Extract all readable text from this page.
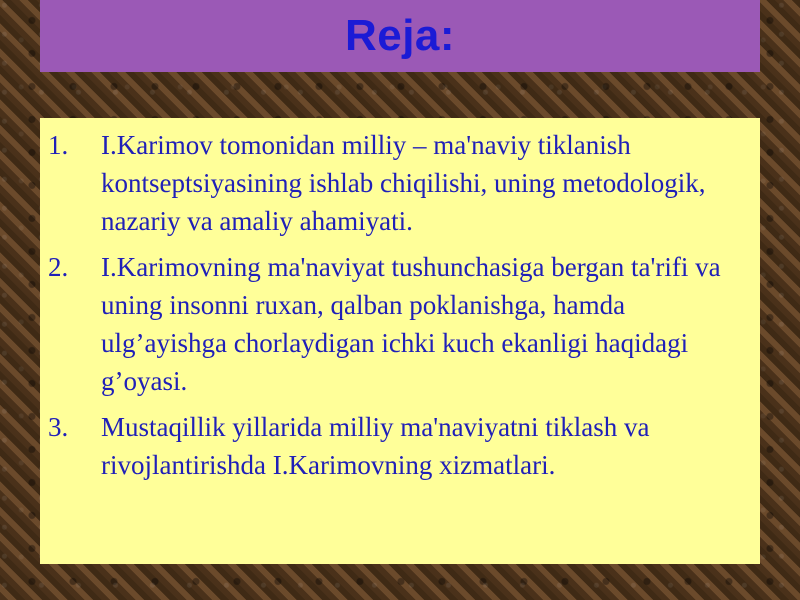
Reja:
1.	I.Karimov tomonidan milliy – ma'naviy tiklanish kontseptsiyasining ishlab chiqilishi, uning metodologik, nazariy va amaliy ahamiyati.
2.	I.Karimovning ma'naviyat tushunchasiga bergan ta'rifi va uning insonni ruxan, qalban poklanishga, hamda ulg’ayishga chorlaydigan ichki kuch ekanligi haqidagi g’oyasi.
3.	Mustaqillik yillarida milliy ma'naviyatni tiklash va rivojlantirishda I.Karimovning xizmatlari.
